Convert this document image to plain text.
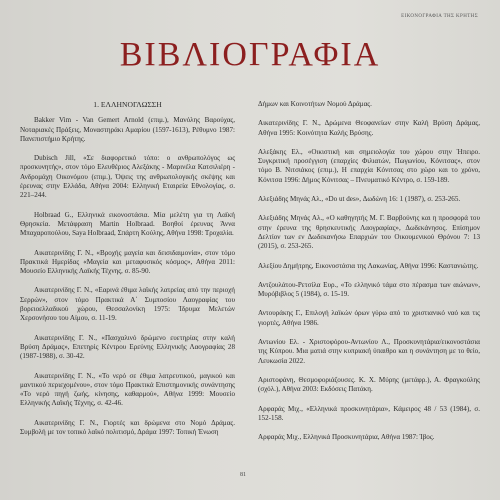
ΕΙΚΟΝΟΓΡΑΦΙΑ ΤΗΣ ΚΡΗΤΗΣ
ΒΙΒΛΙΟΓΡΑΦΙΑ
1. ΕΛΛΗΝΟΓΛΩΣΣΗ

Bakker Vim - Van Gemert Arnold (επιμ.), Μανόλης Βαρούχας, Νοταριακές Πράξεις, Μοναστηράκι Αμαρίου (1597-1613), Ρέθυμνο 1987: Πανεπιστήμιο Κρήτης.

Dubisch Jill, «Σε διαφορετικό τόπο: ο ανθρωπολόγος ως προσκυνητής», στον τόμο Ελευθέριος Αλεξάκης - Μαρινέλα Κατσιλιέρη - Ανδρομάχη Οικονόμου (επιμ.), Όψεις της ανθρωπολογικής σκέψης και έρευνας στην Ελλάδα, Αθήνα 2004: Ελληνική Εταιρεία Εθνολογίας, σ. 221–244.

Holbraad G., Ελληνικά εικονοστάσια. Μία μελέτη για τη Λαϊκή Θρησκεία. Μετάφραση Martin Holbraad. Βοηθοί έρευνας Άννα Μπαχαροπούλου, Saya Holbraad, Σπάρτη Κούλης, Αθήνα 1998: Τροχαλία.

Αικατερινίδης Γ. Ν., «Βροχής μαγεία και δεισιδαιμονία», στον τόμο Πρακτικά Ημερίδας «Μαγεία και μεταφυσικός κόσμος», Αθήνα 2011: Μουσείο Ελληνικής Λαϊκής Τέχνης, σ. 85-90.

Αικατερινίδης Γ. Ν., «Εαρινά έθιμα λαϊκής λατρείας από την περιοχή Σερρών», στον τόμο Πρακτικά Α΄ Συμποσίου Λαογραφίας του βορειοελλαδικού χώρου, Θεσσαλονίκη 1975: Ίδρυμα Μελετών Χερσονήσου του Αίμου, σ. 11-19.

Αικατερινίδης Γ. Ν., «Πασχαλινό δρώμενο ευετηρίας στην καλή Βρύση Δράμας», Επετηρίς Κέντρου Ερεύνης Ελληνικής Λαογραφίας 28 (1987-1988), σ. 30-42.

Αικατερινίδης Γ. Ν., «Το νερό σε έθιμα λατρευτικού, μαγικού και μαντικού περιεχομένου», στον τόμο Πρακτικά Επιστημονικής συνάντησης «Το νερό πηγή ζωής, κίνησης, καθαρμού», Αθήνα 1999: Μουσείο Ελληνικής Λαϊκής Τέχνης, σ. 42-46.

Αικατερινίδης Γ. Ν., Γιορτές και δρώμενα στο Νομό Δράμας. Συμβολή με τον τοπικό λαϊκό πολιτισμό, Δράμα 1997: Τοπική Ένωση

Δήμων και Κοινοτήτων Νομού Δράμας.

Αικατερινίδης Γ. Ν., Δρώμενα Θεοφανείων στην Καλή Βρύση Δράμας, Αθήνα 1995: Κοινότητα Καλής Βρύσης.

Αλεξάκης Ελ., «Οικιστική και σημειολογία του χώρου στην Ήπειρο. Συγκριτική προσέγγιση (επαρχίες Φιλιατών, Πωγωνίου, Κόνιτσας», στον τόμο Β. Νιτσιάκος (επιμ.), Η επαρχία Κόνιτσας στο χώρο και το χρόνο, Κόνιτσα 1996: Δήμος Κόνιτσας – Πνευματικό Κέντρο, σ. 159-189.

Αλεξιάδης Μηνάς Αλ., «Do ut des», Δωδώνη 16: 1 (1987), σ. 253-265.

Αλεξιάδης Μηνάς Αλ., «Ο καθηγητής Μ. Γ. Βαρβούνης και η προσφορά του στην έρευνα της θρησκευτικής Λαογραφίας», Δωδεκάνησος. Επίσημον Δελτίον των εν Δωδεκανήσω Επαρχιών του Οικουμενικού Θρόνου 7: 13 (2015), σ. 253-265.

Αλεξίου Δημήτρης, Εικονοστάσια της Λακωνίας, Αθήνα 1996: Καστανιώτης.

Αντζουλάτου-Ρετσίλα Ευρ., «Το ελληνικό τάμα στο πέρασμα των αιώνων», Μυρόβιβλος 5 (1984), σ. 15-19.

Αντουράκης Γ., Επιλογή λαϊκών όρων γύρω από το χριστιανικό ναό και τις γιορτές, Αθήνα 1986.

Αντωνίου Ελ. - Χριστοφόρου-Αντωνίου Λ., Προσκυνητάρια/εικονοστάσια της Κύπρου. Μια ματιά στην κυπριακή ύπαιθρο και η συνάντηση με το θείο, Λευκωσία 2022.

Αριστοφάνη, Θεσμοφοριάζουσες. Κ. Χ. Μύρης (μετάφρ.), Α. Φραγκούλης (σχόλ.), Αθήνα 2003: Εκδόσεις Πατάκη.

Αρφαράς Μιχ., «Ελληνικά προσκυνητάρια», Κάμειρος 48 / 53 (1984), σ. 152-158.

Αρφαράς Μιχ., Ελληνικά Προσκυνητάρια, Αθήνα 1987: Ίβος.

81
